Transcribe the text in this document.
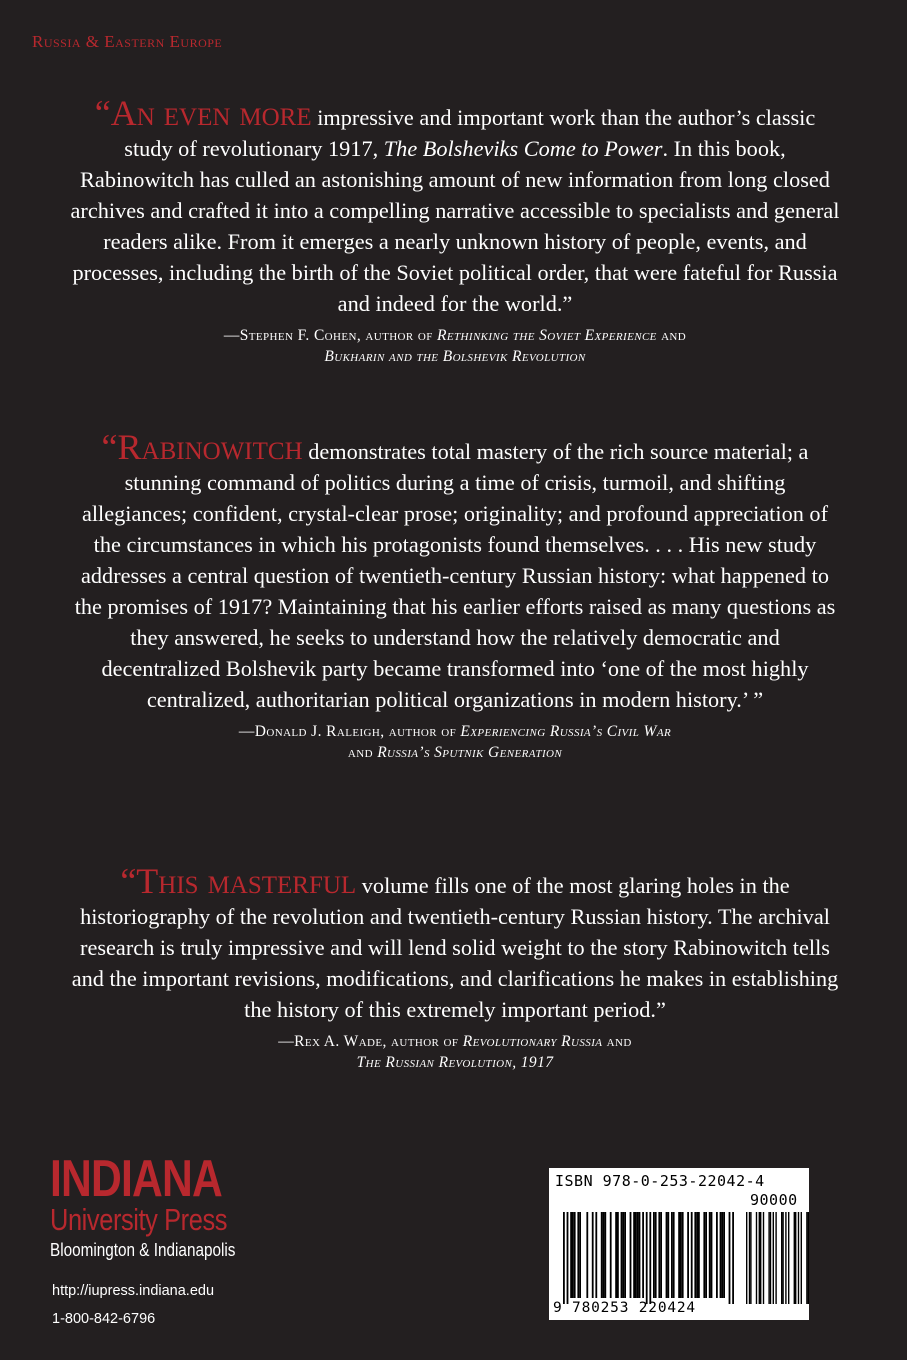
Russia & Eastern Europe
“An even more impressive and important work than the author’s classic study of revolutionary 1917, The Bolsheviks Come to Power. In this book, Rabinowitch has culled an astonishing amount of new information from long closed archives and crafted it into a compelling narrative accessible to specialists and general readers alike. From it emerges a nearly unknown history of people, events, and processes, including the birth of the Soviet political order, that were fateful for Russia and indeed for the world.”
—Stephen F. Cohen, author of Rethinking the Soviet Experience and
Bukharin and the Bolshevik Revolution
“Rabinowitch demonstrates total mastery of the rich source material; a stunning command of politics during a time of crisis, turmoil, and shifting allegiances; confident, crystal-clear prose; originality; and profound appreciation of the circumstances in which his protagonists found themselves. . . . His new study addresses a central question of twentieth-century Russian history: what happened to the promises of 1917? Maintaining that his earlier efforts raised as many questions as they answered, he seeks to understand how the relatively democratic and decentralized Bolshevik party became transformed into ‘one of the most highly centralized, authoritarian political organizations in modern history.’ ”
—Donald J. Raleigh, author of Experiencing Russia’s Civil War
and Russia’s Sputnik Generation
“This masterful volume fills one of the most glaring holes in the historiography of the revolution and twentieth-century Russian history. The archival research is truly impressive and will lend solid weight to the story Rabinowitch tells and the important revisions, modifications, and clarifications he makes in establishing the history of this extremely important period.”
—Rex A. Wade, author of Revolutionary Russia and
The Russian Revolution, 1917
INDIANA
University Press
Bloomington & Indianapolis
http://iupress.indiana.edu
1-800-842-6796
ISBN 978-0-253-22042-4
90000
9 780253 220424
